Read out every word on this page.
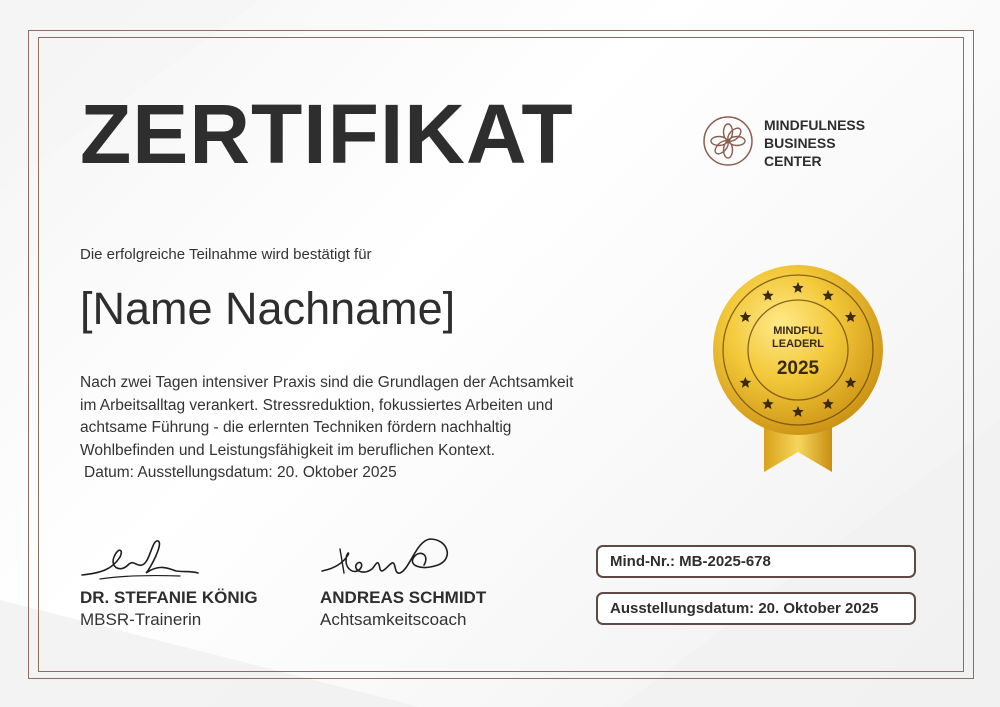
ZERTIFIKAT	MINDFULNESS
BUSINESS
CENTER
Die erfolgreiche Teilnahme wird bestätigt für
[Name Nachname]
Nach zwei Tagen intensiver Praxis sind die Grundlagen der Achtsamkeit
im Arbeitsalltag verankert. Stressreduktion, fokussiertes Arbeiten und
achtsame Führung - die erlernten Techniken fördern nachhaltig
Wohlbefinden und Leistungsfähigkeit im beruflichen Kontext.
Datum: Ausstellungsdatum: 20. Oktober 2025
MINDFUL
LEADERL
2025
DR. STEFANIE KÖNIG
MBSR-Trainerin
ANDREAS SCHMIDT
Achtsamkeitscoach
Mind-Nr.: MB-2025-678
Ausstellungsdatum: 20. Oktober 2025
